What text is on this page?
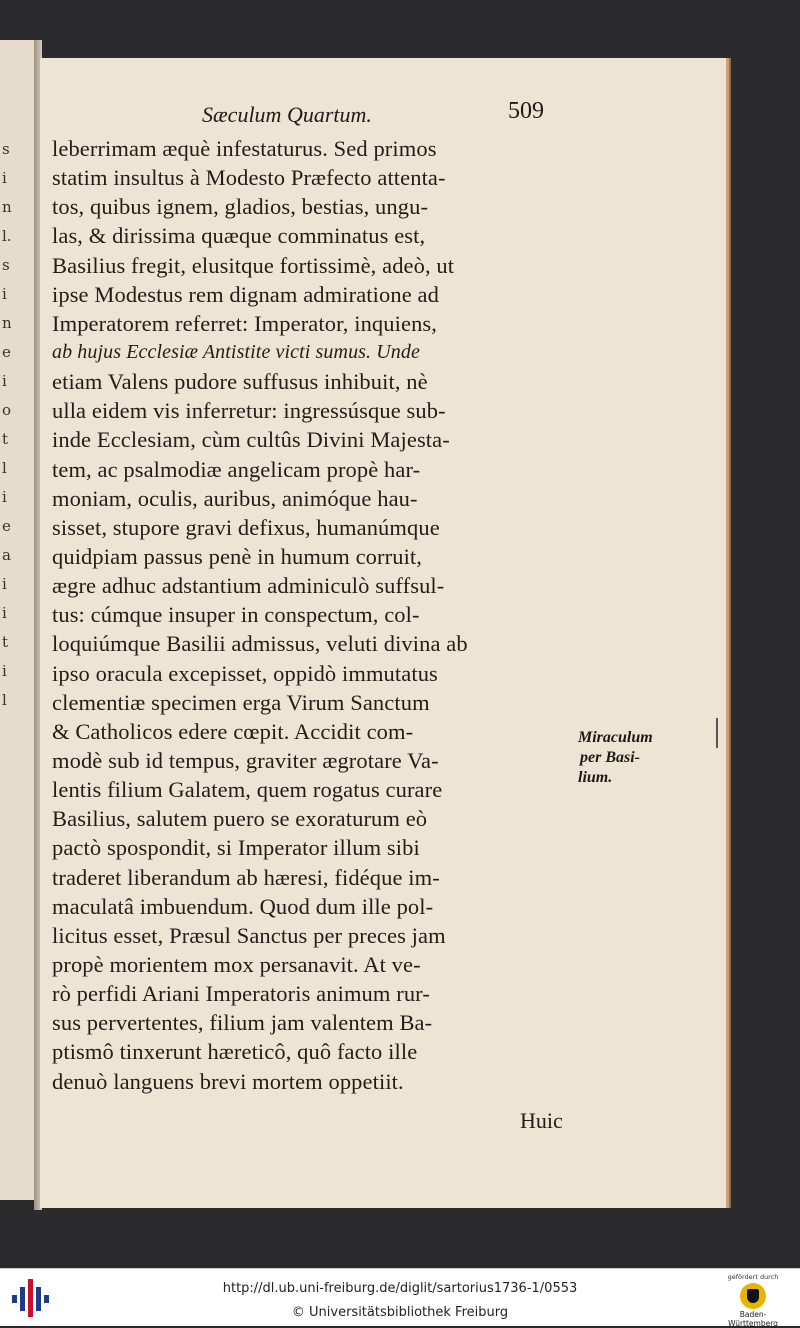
s
i
n
l.
s
i
n
e
i
o
t
l
i
e
a
i
i
t
i
l
Sæculum Quartum.	509
leberrimam æquè infestaturus. Sed primos
statim insultus à Modesto Præfecto attenta-
tos, quibus ignem, gladios, bestias, ungu-
las, & dirissima quæque comminatus est,
Basilius fregit, elusitque fortissimè, adeò, ut
ipse Modestus rem dignam admiratione ad
Imperatorem referret: Imperator, inquiens,
ab hujus Ecclesiæ Antistite victi sumus. Unde
etiam Valens pudore suffusus inhibuit, nè
ulla eidem vis inferretur: ingressúsque sub-
inde Ecclesiam, cùm cultûs Divini Majesta-
tem, ac psalmodiæ angelicam propè har-
moniam, oculis, auribus, animóque hau-
sisset, stupore gravi defixus, humanúmque
quidpiam passus penè in humum corruit,
ægre adhuc adstantium adminiculò suffsul-
tus: cúmque insuper in conspectum, col-
loquiúmque Basilii admissus, veluti divina ab
ipso oracula excepisset, oppidò immutatus
clementiæ specimen erga Virum Sanctum
& Catholicos edere cœpit. Accidit com-
modè sub id tempus, graviter ægrotare Va-
lentis filium Galatem, quem rogatus curare
Basilius, salutem puero se exoraturum eò
pactò spospondit, si Imperator illum sibi
traderet liberandum ab hæresi, fidéque im-
maculatâ imbuendum. Quod dum ille pol-
licitus esset, Præsul Sanctus per preces jam
propè morientem mox persanavit. At ve-
rò perfidi Ariani Imperatoris animum rur-
sus pervertentes, filium jam valentem Ba-
ptismô tinxerunt hæreticô, quô facto ille
denuò languens brevi mortem oppetiit.
Huic
Miraculum
per Basi-
lium.
http://dl.ub.uni-freiburg.de/diglit/sartorius1736-1/0553
© Universitätsbibliothek Freiburg
gefördert durch
Baden-Württemberg
